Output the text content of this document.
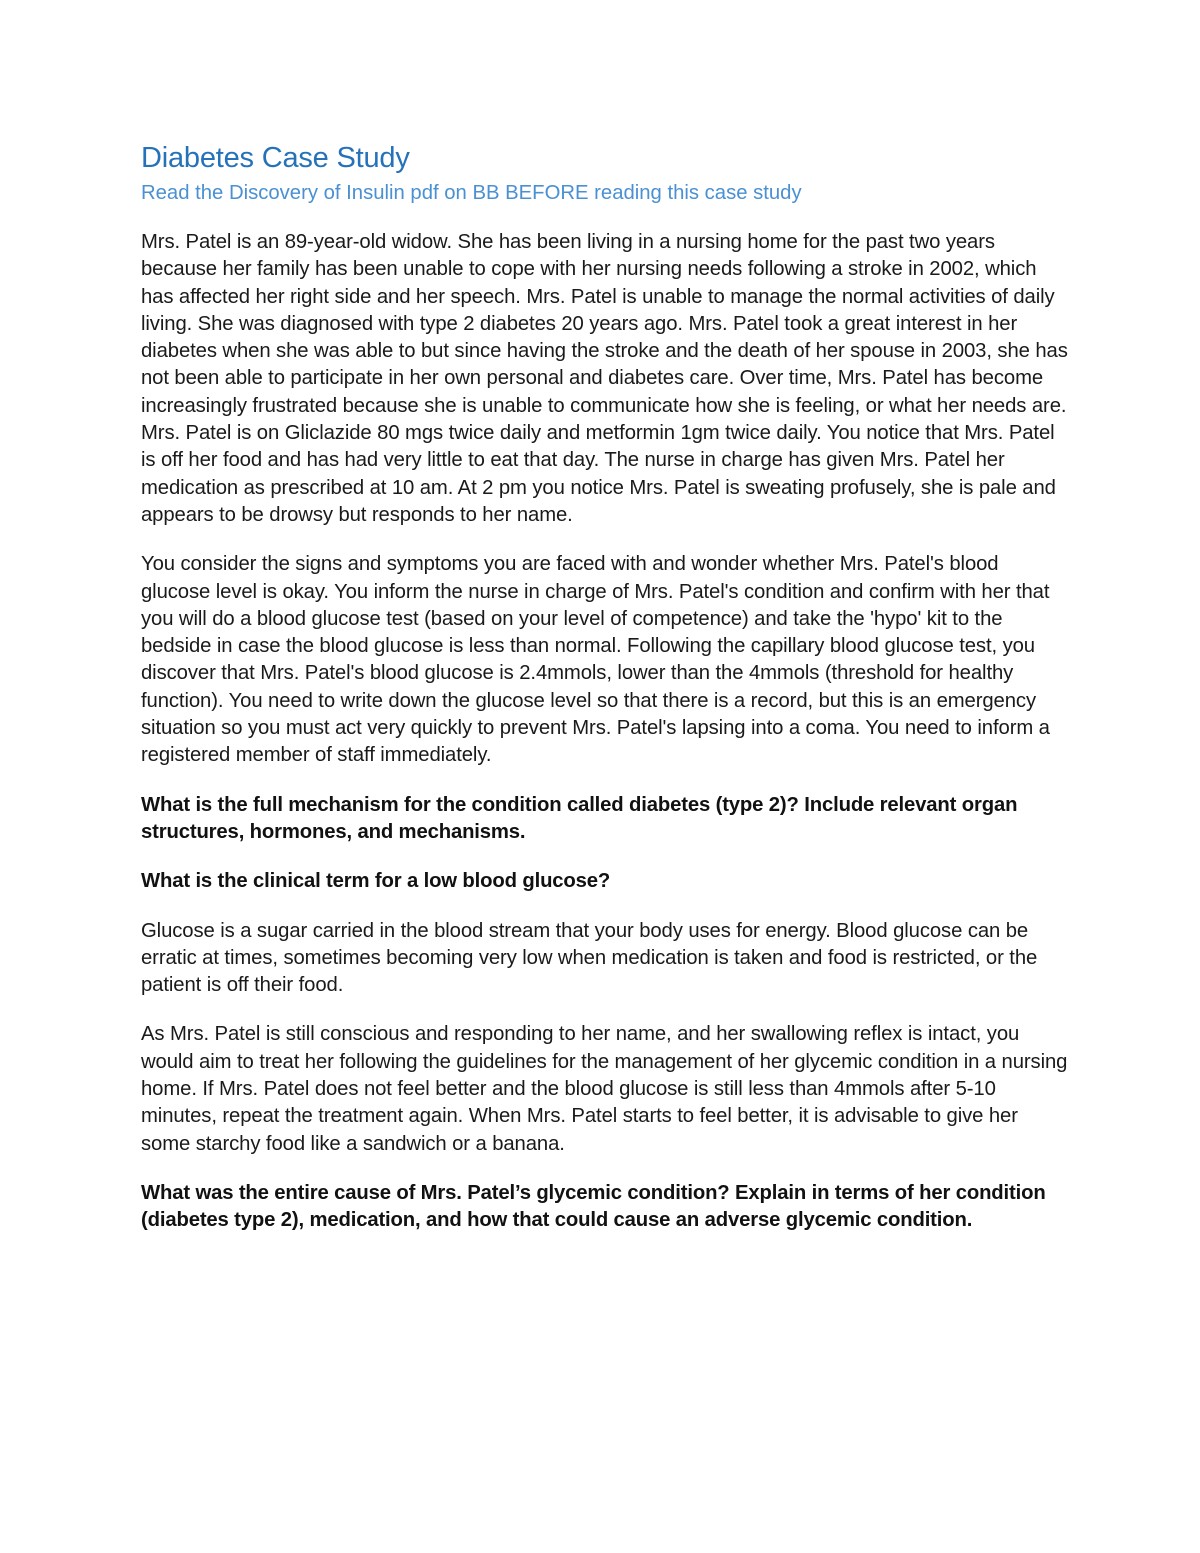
Diabetes Case Study

Read the Discovery of Insulin pdf on BB BEFORE reading this case study

Mrs. Patel is an 89-year-old widow. She has been living in a nursing home for the past two years because her family has been unable to cope with her nursing needs following a stroke in 2002, which has affected her right side and her speech. Mrs. Patel is unable to manage the normal activities of daily living. She was diagnosed with type 2 diabetes 20 years ago. Mrs. Patel took a great interest in her diabetes when she was able to but since having the stroke and the death of her spouse in 2003, she has not been able to participate in her own personal and diabetes care. Over time, Mrs. Patel has become increasingly frustrated because she is unable to communicate how she is feeling, or what her needs are. Mrs. Patel is on Gliclazide 80 mgs twice daily and metformin 1gm twice daily. You notice that Mrs. Patel is off her food and has had very little to eat that day. The nurse in charge has given Mrs. Patel her medication as prescribed at 10 am. At 2 pm you notice Mrs. Patel is sweating profusely, she is pale and appears to be drowsy but responds to her name.

You consider the signs and symptoms you are faced with and wonder whether Mrs. Patel's blood glucose level is okay. You inform the nurse in charge of Mrs. Patel's condition and confirm with her that you will do a blood glucose test (based on your level of competence) and take the 'hypo' kit to the bedside in case the blood glucose is less than normal. Following the capillary blood glucose test, you discover that Mrs. Patel's blood glucose is 2.4mmols, lower than the 4mmols (threshold for healthy function). You need to write down the glucose level so that there is a record, but this is an emergency situation so you must act very quickly to prevent Mrs. Patel's lapsing into a coma. You need to inform a registered member of staff immediately.

What is the full mechanism for the condition called diabetes (type 2)? Include relevant organ structures, hormones, and mechanisms.

What is the clinical term for a low blood glucose?

Glucose is a sugar carried in the blood stream that your body uses for energy. Blood glucose can be erratic at times, sometimes becoming very low when medication is taken and food is restricted, or the patient is off their food.

As Mrs. Patel is still conscious and responding to her name, and her swallowing reflex is intact, you would aim to treat her following the guidelines for the management of her glycemic condition in a nursing home. If Mrs. Patel does not feel better and the blood glucose is still less than 4mmols after 5-10 minutes, repeat the treatment again. When Mrs. Patel starts to feel better, it is advisable to give her some starchy food like a sandwich or a banana.

What was the entire cause of Mrs. Patel’s glycemic condition? Explain in terms of her condition (diabetes type 2), medication, and how that could cause an adverse glycemic condition.
